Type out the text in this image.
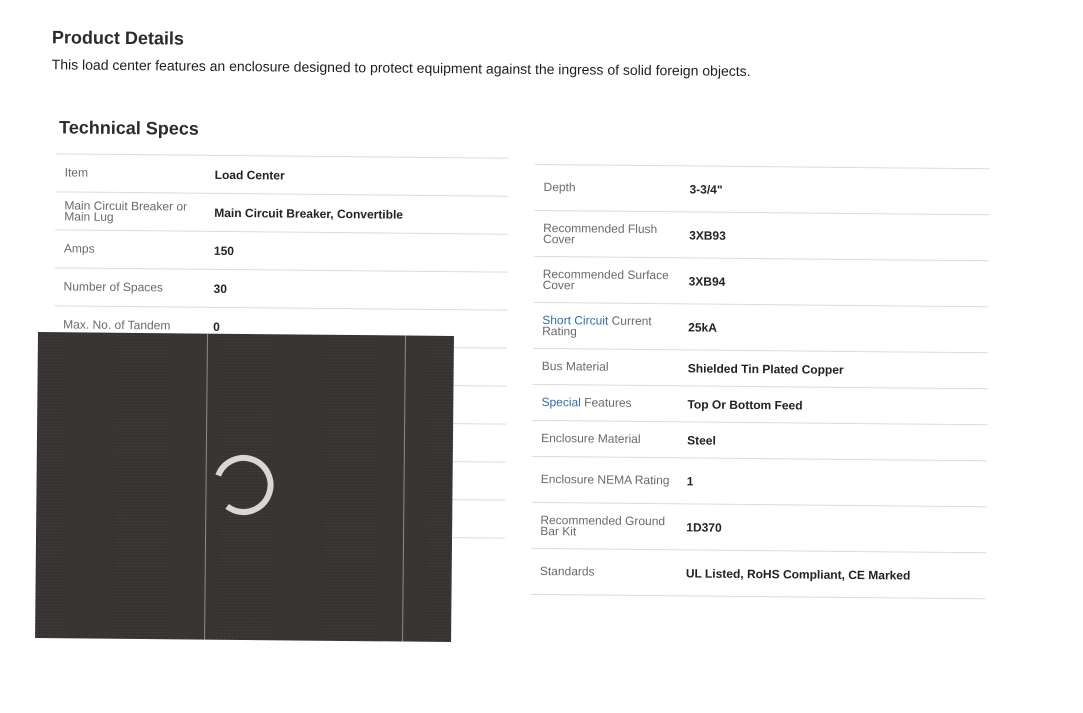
Product Details
This load center features an enclosure designed to protect equipment against the ingress of solid foreign objects.
Technical Specs
Item	Load Center
Main Circuit Breaker or Main Lug	Main Circuit Breaker, Convertible
Amps	150
Number of Spaces	30
Max. No. of Tandem	0

Depth	3-3/4"
Recommended Flush Cover	3XB93
Recommended Surface Cover	3XB94
Short Circuit Current Rating	25kA
Bus Material	Shielded Tin Plated Copper
Special Features	Top Or Bottom Feed
Enclosure Material	Steel
Enclosure NEMA Rating	1
Recommended Ground Bar Kit	1D370
Standards	UL Listed, RoHS Compliant, CE Marked
